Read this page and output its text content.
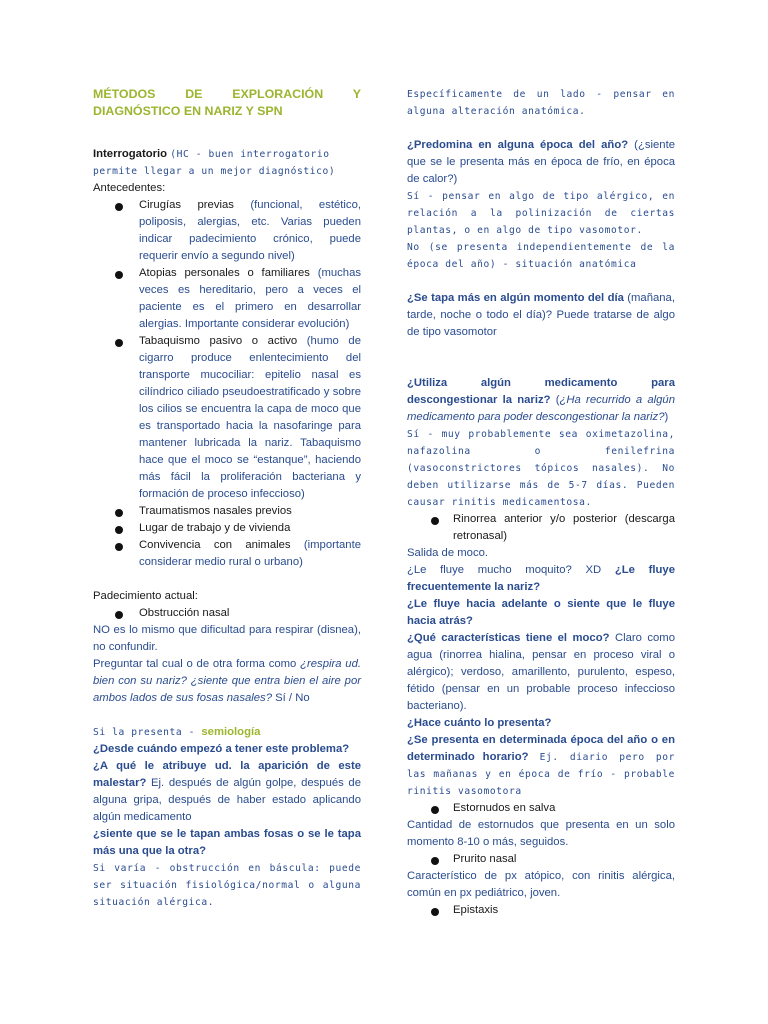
MÉTODOS DE EXPLORACIÓN Y

DIAGNÓSTICO EN NARIZ Y SPN

Interrogatorio (HC - buen interrogatorio permite llegar a un mejor diagnóstico)

Antecedentes:

Cirugías previas (funcional, estético, poliposis, alergias, etc. Varias pueden indicar padecimiento crónico, puede requerir envío a segundo nivel)
Atopias personales o familiares (muchas veces es hereditario, pero a veces el paciente es el primero en desarrollar alergias. Importante considerar evolución)
Tabaquismo pasivo o activo (humo de cigarro produce enlentecimiento del transporte mucociliar: epitelio nasal es cilíndrico ciliado pseudoestratificado y sobre los cilios se encuentra la capa de moco que es transportado hacia la nasofaringe para mantener lubricada la nariz. Tabaquismo hace que el moco se “estanque”, haciendo más fácil la proliferación bacteriana y formación de proceso infeccioso)
Traumatismos nasales previos
Lugar de trabajo y de vivienda
Convivencia con animales (importante considerar medio rural o urbano)

Padecimiento actual:

Obstrucción nasal

NO es lo mismo que dificultad para respirar (disnea), no confundir.

Preguntar tal cual o de otra forma como ¿respira ud. bien con su nariz? ¿siente que entra bien el aire por ambos lados de sus fosas nasales? Sí / No

Si la presenta - semiología

¿Desde cuándo empezó a tener este problema?

¿A qué le atribuye ud. la aparición de este malestar? Ej. después de algún golpe, después de alguna gripa, después de haber estado aplicando algún medicamento

¿siente que se le tapan ambas fosas o se le tapa más una que la otra?

Si varía - obstrucción en báscula: puede ser situación fisiológica/normal o alguna situación alérgica.

Específicamente de un lado - pensar en alguna alteración anatómica.

¿Predomina en alguna época del año? (¿siente que se le presenta más en época de frío, en época de calor?)

Sí - pensar en algo de tipo alérgico, en relación a la polinización de ciertas plantas, o en algo de tipo vasomotor.

No (se presenta independientemente de la época del año) - situación anatómica

¿Se tapa más en algún momento del día (mañana, tarde, noche o todo el día)? Puede tratarse de algo de tipo vasomotor

¿Utiliza algún medicamento para descongestionar la nariz? (¿Ha recurrido a algún medicamento para poder descongestionar la nariz?)

Sí - muy probablemente sea oximetazolina, nafazolina o fenilefrina (vasoconstrictores tópicos nasales). No deben utilizarse más de 5-7 días. Pueden causar rinitis medicamentosa.

Rinorrea anterior y/o posterior (descarga retronasal)

Salida de moco.

¿Le fluye mucho moquito? XD ¿Le fluye frecuentemente la nariz?

¿Le fluye hacia adelante o siente que le fluye hacia atrás?

¿Qué características tiene el moco? Claro como agua (rinorrea hialina, pensar en proceso viral o alérgico); verdoso, amarillento, purulento, espeso, fétido (pensar en un probable proceso infeccioso bacteriano).

¿Hace cuánto lo presenta?

¿Se presenta en determinada época del año o en determinado horario? Ej. diario pero por las mañanas y en época de frío - probable rinitis vasomotora

Estornudos en salva

Cantidad de estornudos que presenta en un solo momento 8-10 o más, seguidos.

Prurito nasal

Característico de px atópico, con rinitis alérgica, común en px pediátrico, joven.

Epistaxis
